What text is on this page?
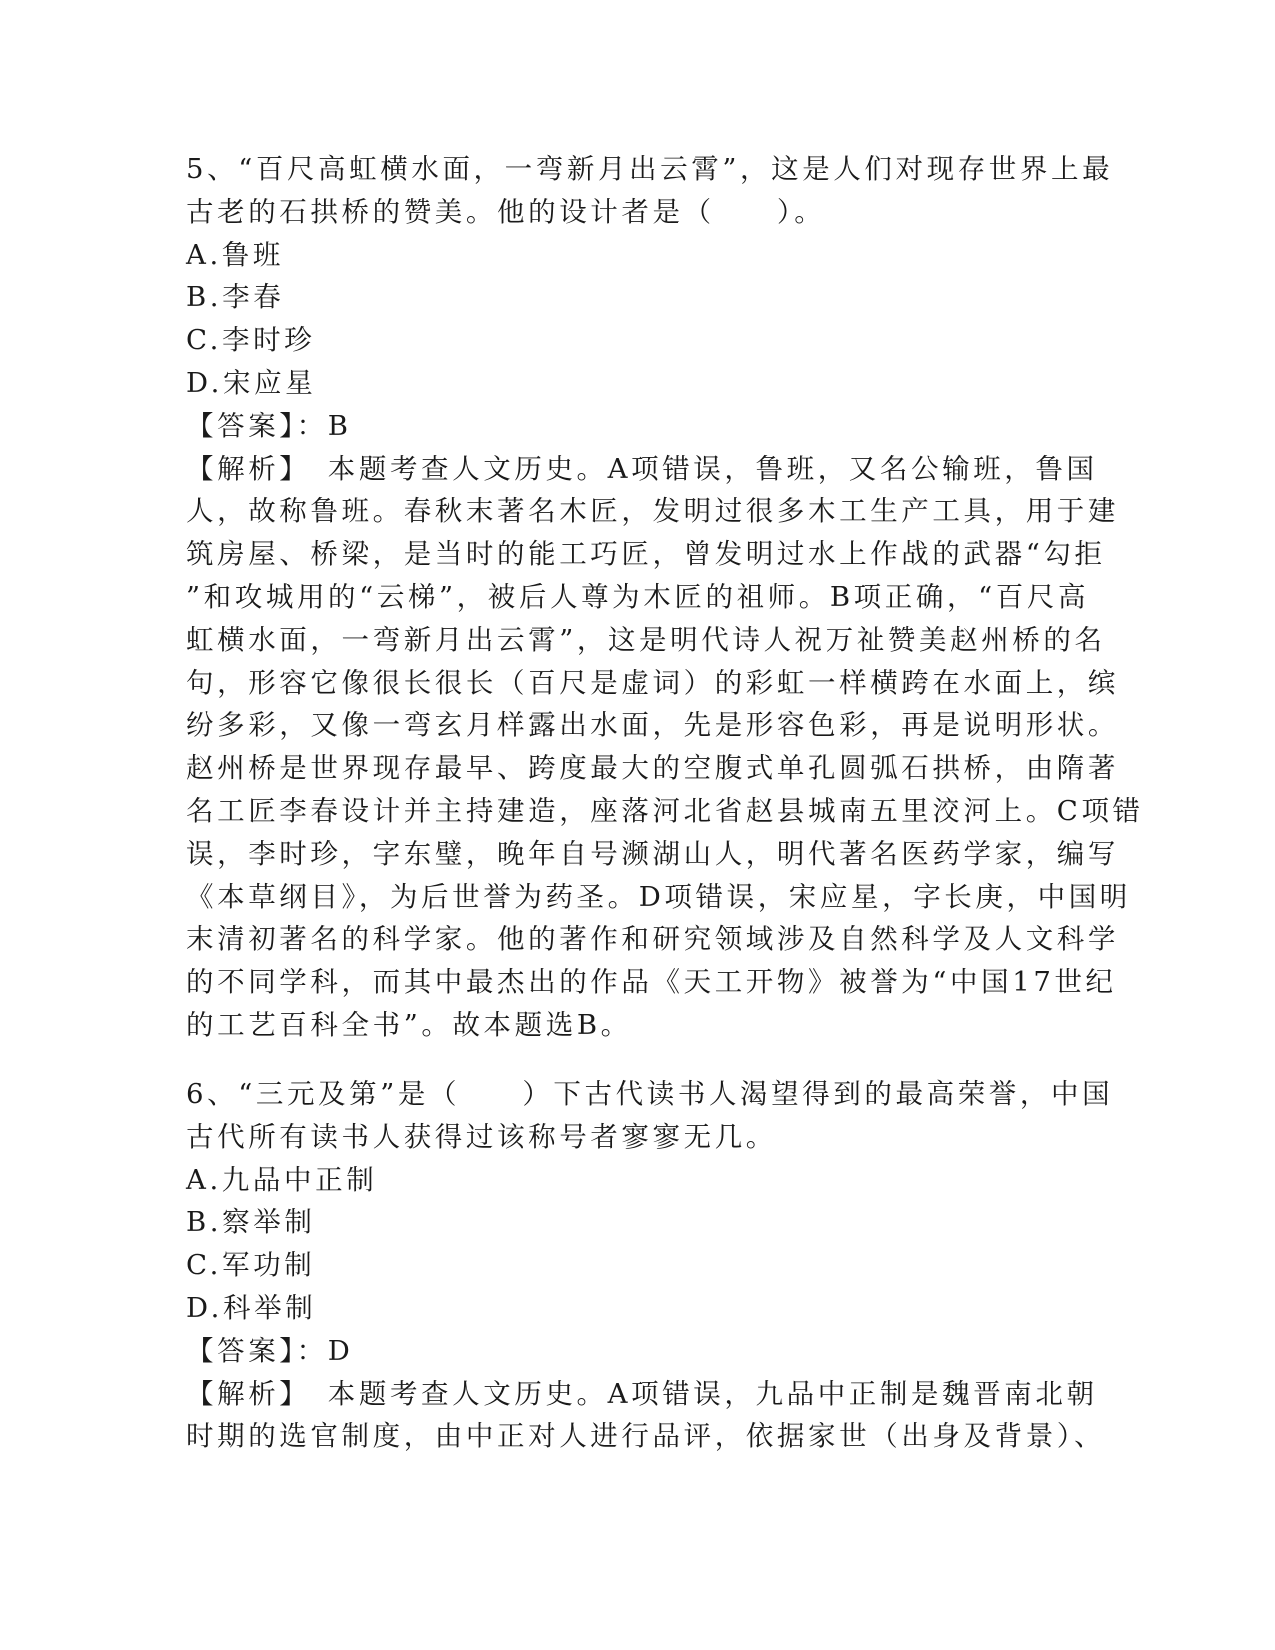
5、“百尺高虹横水面，一弯新月出云霄”，这是人们对现存世界上最
古老的石拱桥的赞美。他的设计者是（　　）。
A.鲁班
B.李春
C.李时珍
D.宋应星
【答案】：B
【解析】　本题考查人文历史。A项错误，鲁班，又名公输班，鲁国
人，故称鲁班。春秋末著名木匠，发明过很多木工生产工具，用于建
筑房屋、桥梁，是当时的能工巧匠，曾发明过水上作战的武器“勾拒
”和攻城用的“云梯”，被后人尊为木匠的祖师。B项正确，“百尺高
虹横水面，一弯新月出云霄”，这是明代诗人祝万祉赞美赵州桥的名
句，形容它像很长很长（百尺是虚词）的彩虹一样横跨在水面上，缤
纷多彩，又像一弯玄月样露出水面，先是形容色彩，再是说明形状。
赵州桥是世界现存最早、跨度最大的空腹式单孔圆弧石拱桥，由隋著
名工匠李春设计并主持建造，座落河北省赵县城南五里洨河上。C项错
误，李时珍，字东璧，晚年自号濒湖山人，明代著名医药学家，编写
《本草纲目》，为后世誉为药圣。D项错误，宋应星，字长庚，中国明
末清初著名的科学家。他的著作和研究领域涉及自然科学及人文科学
的不同学科，而其中最杰出的作品《天工开物》被誉为“中国17世纪
的工艺百科全书”。故本题选B。
6、“三元及第”是（　　）下古代读书人渴望得到的最高荣誉，中国
古代所有读书人获得过该称号者寥寥无几。
A.九品中正制
B.察举制
C.军功制
D.科举制
【答案】：D
【解析】　本题考查人文历史。A项错误，九品中正制是魏晋南北朝
时期的选官制度，由中正对人进行品评，依据家世（出身及背景）、
